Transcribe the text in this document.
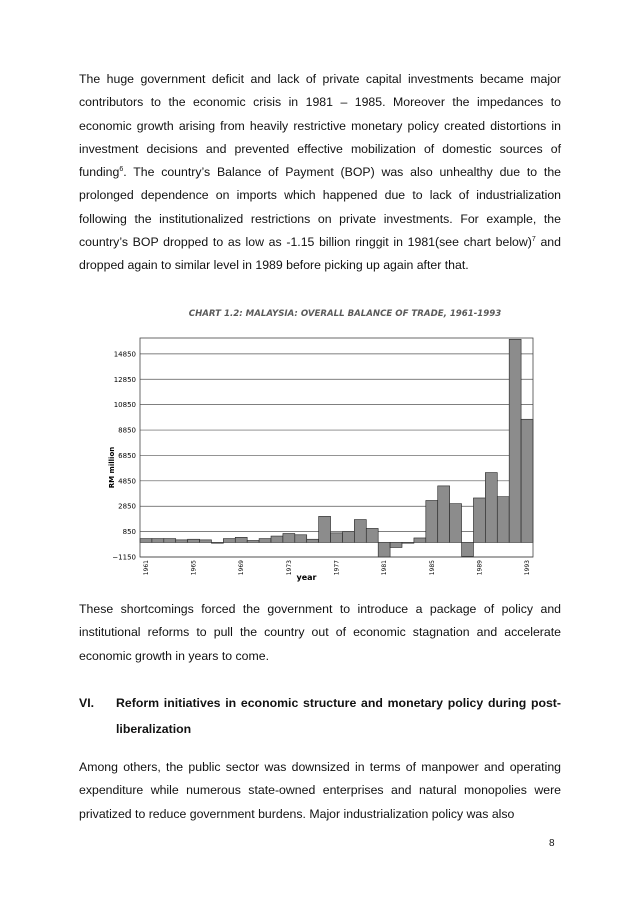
The huge government deficit and lack of private capital investments became major contributors to the economic crisis in 1981 – 1985. Moreover the impedances to economic growth arising from heavily restrictive monetary policy created distortions in investment decisions and prevented effective mobilization of domestic sources of funding$^6$. The country’s Balance of Payment (BOP) was also unhealthy due to the prolonged dependence on imports which happened due to lack of industrialization following the institutionalized restrictions on private investments. For example, the country’s BOP dropped to as low as -1.15 billion ringgit in 1981(see chart below)$^7$ and dropped again to similar level in 1989 before picking up again after that.

CHART 1.2: MALAYSIA: OVERALL BALANCE OF TRADE, 1961-1993
−1150
850
2850
4850
6850
8850
10850
12850
14850
1961	1965	1969	1973	1977	1981	1985	1989	1993
RM million
year

These shortcomings forced the government to introduce a package of policy and institutional reforms to pull the country out of economic stagnation and accelerate economic growth in years to come.

VI. Reform initiatives in economic structure and monetary policy during post-liberalization

Among others, the public sector was downsized in terms of manpower and operating expenditure while numerous state-owned enterprises and natural monopolies were privatized to reduce government burdens. Major industrialization policy was also

8
